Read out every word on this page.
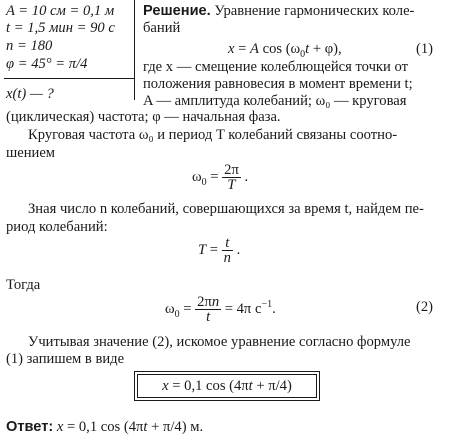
A = 10 см = 0,1 м
t = 1,5 мин = 90 с
n = 180
φ = 45° = π/4
x(t) — ?
Решение. Уравнение гармонических коле-
баний
x = A $\cos (\omega_0t + \varphi)$,	(1)
где x — смещение колеблющейся точки от
положения равновесия в момент времени t;
A — амплитуда колебаний; ω₀ — круговая
(циклическая) частота; φ — начальная фаза.
Круговая частота ω₀ и период T колебаний связаны соотно-
шением
$\omega_0 = \frac{2\pi}{T}$ .
Зная число n колебаний, совершающихся за время t, найдем пе-
риод колебаний:
$T = \frac{t}{n}$ .
Тогда
$\omega_0 = \frac{2\pi n}{t} = 4\pi$ $с^{-1}$.	(2)
Учитывая значение (2), искомое уравнение согласно формуле
(1) запишем в виде
x = 0,1 cos (4πt + π/4)
Ответ: x = 0,1 cos (4πt + π/4) м.
